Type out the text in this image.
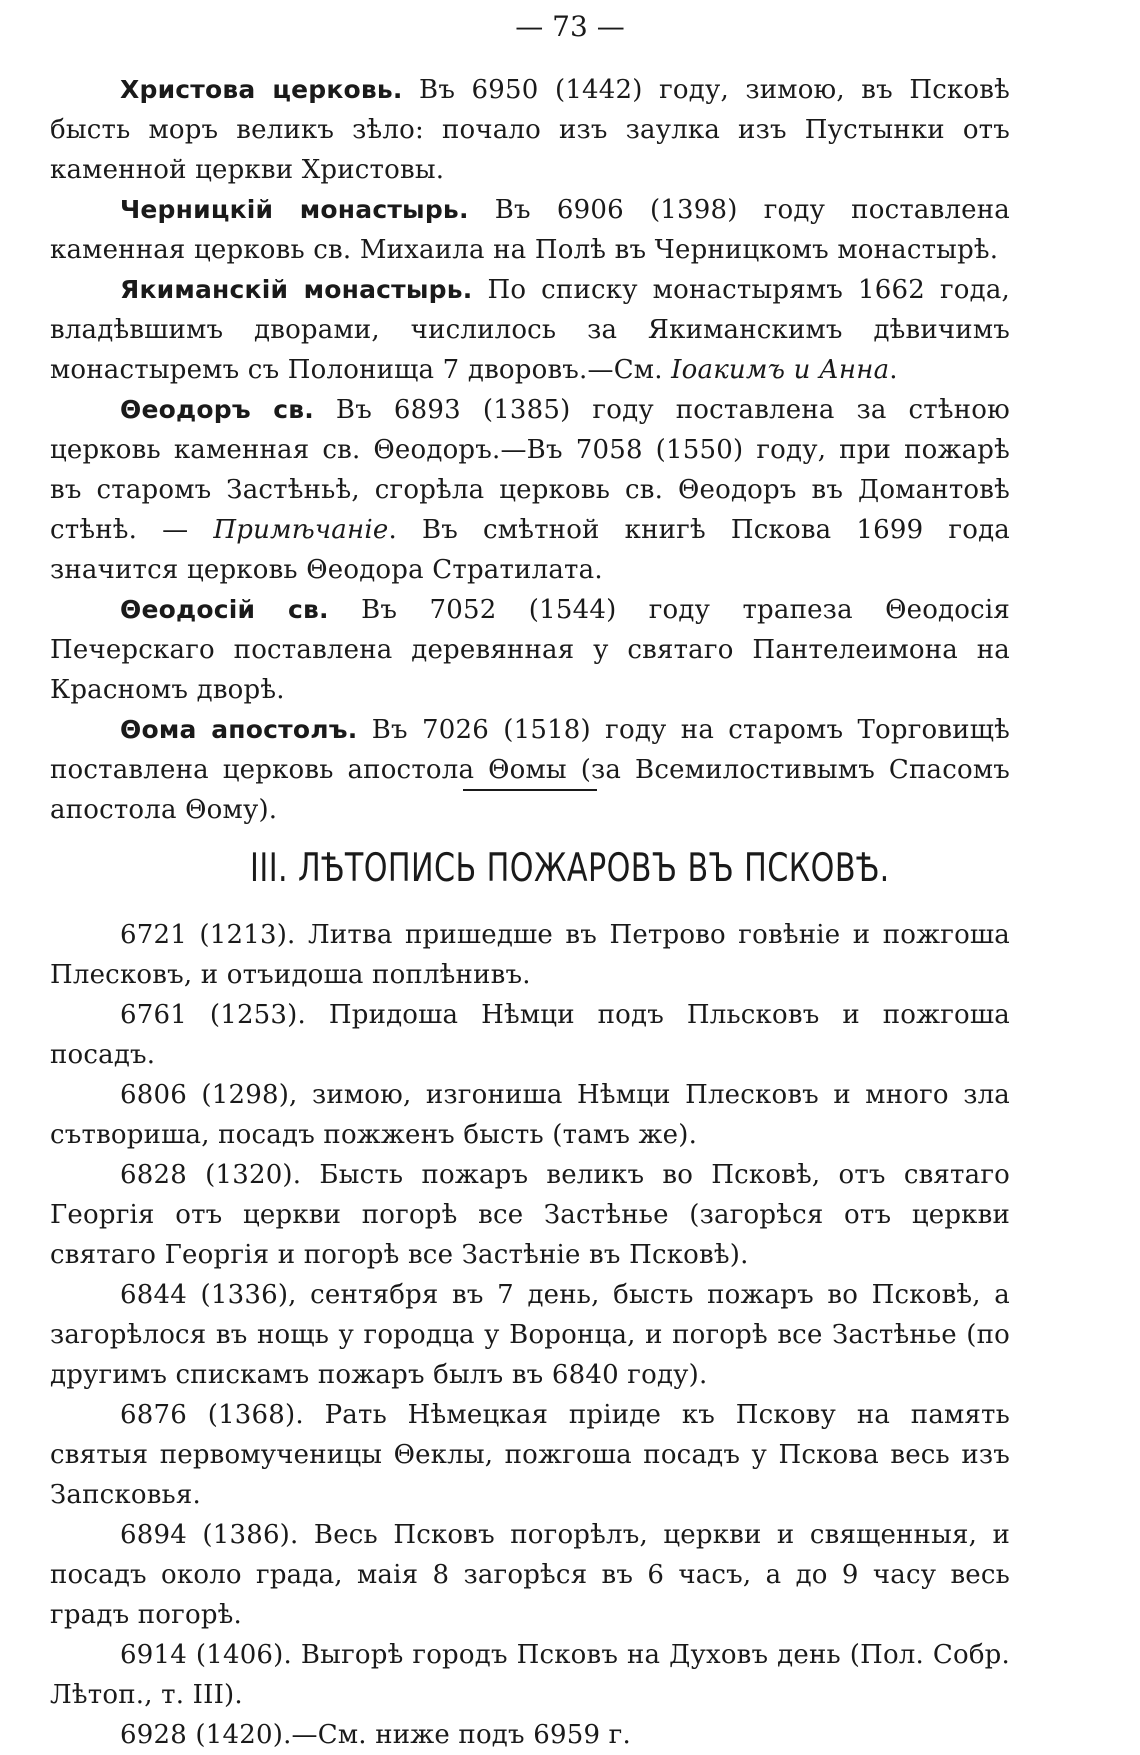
— 73 —

Христова церковь. Въ 6950 (1442) году, зимою, въ Псковѣ бысть моръ великъ зѣло: почало изъ заулка изъ Пустынки отъ каменной церкви Христовы.

Черницкій монастырь. Въ 6906 (1398) году поставлена каменная церковь св. Михаила на Полѣ въ Черницкомъ монастырѣ.

Якиманскій монастырь. По списку монастырямъ 1662 года, владѣвшимъ дворами, числилось за Якиманскимъ дѣвичимъ монастыремъ съ Полонища 7 дворовъ.—См. Іоакимъ и Анна.

Θеодоръ св. Въ 6893 (1385) году поставлена за стѣною церковь каменная св. Θеодоръ.—Въ 7058 (1550) году, при пожарѣ въ старомъ Застѣньѣ, сгорѣла церковь св. Θеодоръ въ Домантовѣ стѣнѣ. — Примѣчаніе. Въ смѣтной книгѣ Пскова 1699 года значится церковь Θеодора Стратилата.

Θеодосій св. Въ 7052 (1544) году трапеза Θеодосія Печерскаго поставлена деревянная у святаго Пантелеимона на Красномъ дворѣ.

Θома апостолъ. Въ 7026 (1518) году на старомъ Торговищѣ поставлена церковь апостола Θомы (за Всемилостивымъ Спасомъ апостола Θому).

III. ЛѢТОПИСЬ ПОЖАРОВЪ ВЪ ПСКОВѢ.

6721 (1213). Литва пришедше въ Петрово говѣніе и пожгоша Плесковъ, и отъидоша поплѣнивъ.

6761 (1253). Придоша Нѣмци подъ Пльсковъ и пожгоша посадъ.

6806 (1298), зимою, изгониша Нѣмци Плесковъ и много зла сътвориша, посадъ пожженъ бысть (тамъ же).

6828 (1320). Бысть пожаръ великъ во Псковѣ, отъ святаго Георгія отъ церкви погорѣ все Застѣнье (загорѣся отъ церкви святаго Георгія и погорѣ все Застѣніе въ Псковѣ).

6844 (1336), сентября въ 7 день, бысть пожаръ во Псковѣ, а загорѣлося въ нощь у городца у Воронца, и погорѣ все Застѣнье (по другимъ спискамъ пожаръ былъ въ 6840 году).

6876 (1368). Рать Нѣмецкая пріиде къ Пскову на память святыя первомученицы Θеклы, пожгоша посадъ у Пскова весь изъ Запсковья.

6894 (1386). Весь Псковъ погорѣлъ, церкви и священныя, и посадъ около града, маія 8 загорѣся въ 6 часъ, а до 9 часу весь градъ погорѣ.

6914 (1406). Выгорѣ городъ Псковъ на Духовъ день (Пол. Собр. Лѣтоп., т. III).

6928 (1420).—См. ниже подъ 6959 г.
